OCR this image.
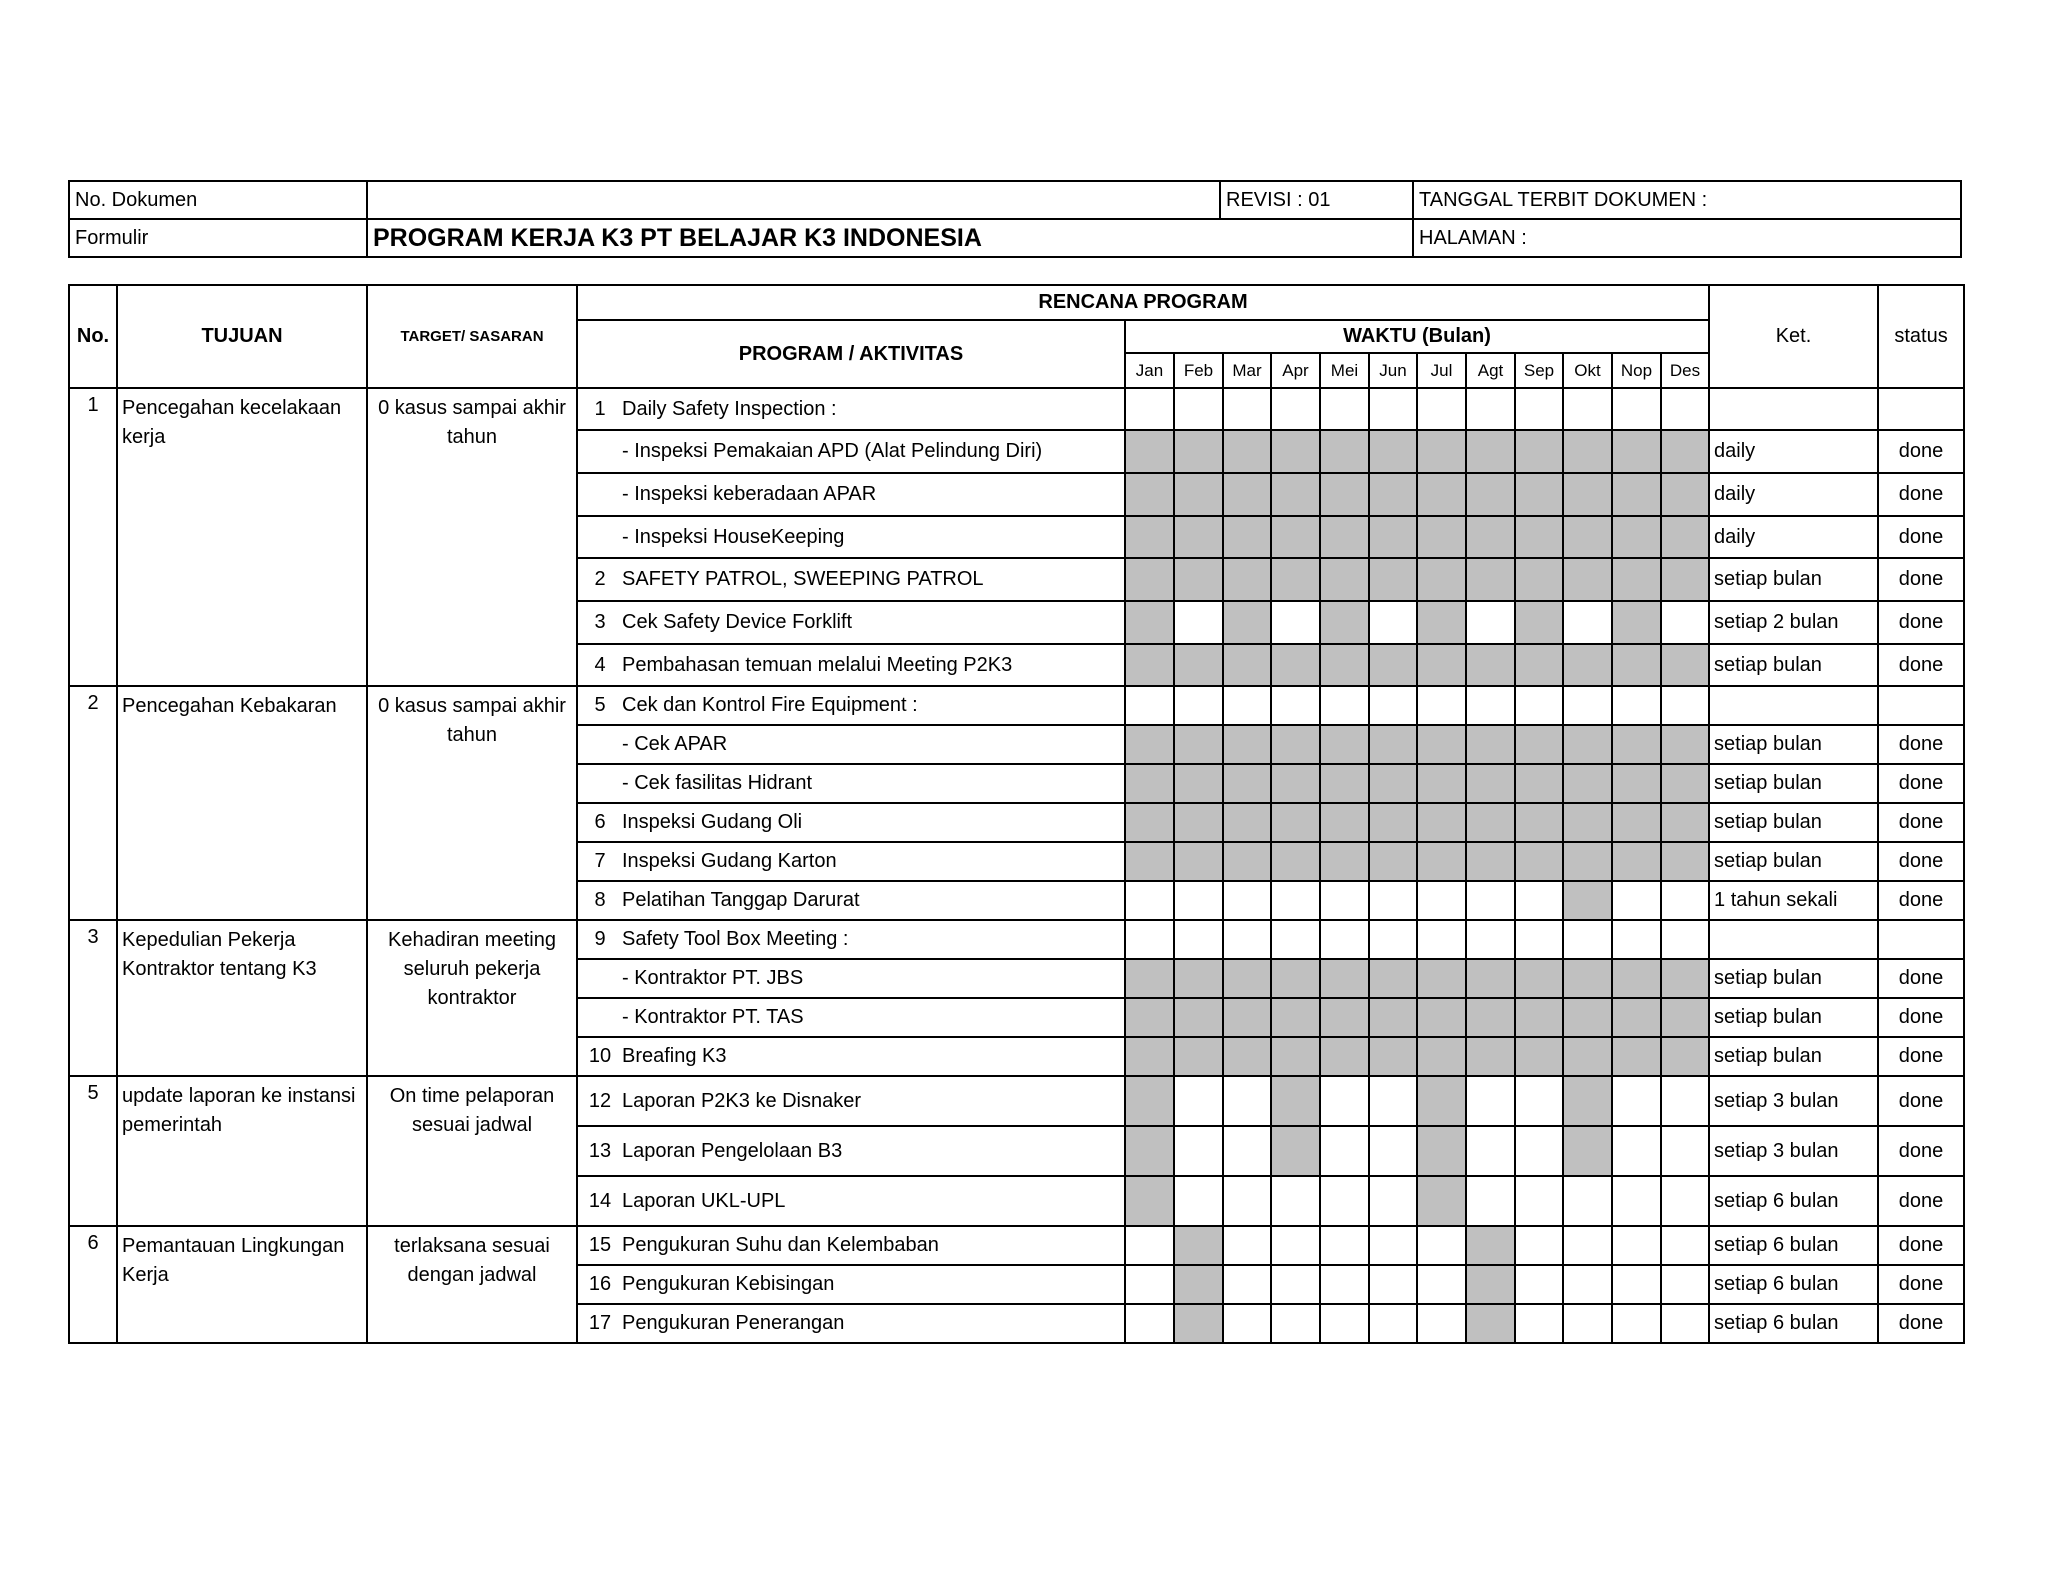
No. Dokumen		REVISI : 01	TANGGAL TERBIT DOKUMEN :
Formulir	PROGRAM KERJA K3 PT BELAJAR K3 INDONESIA		HALAMAN :
No.	TUJUAN	TARGET/ SASARAN	RENCANA PROGRAM													Ket.	status
			PROGRAM / AKTIVITAS	WAKTU (Bulan)													
				Jan	Feb	Mar	Apr	Mei	Jun	Jul	Agt	Sep	Okt	Nop	Des		
1	Pencegahan kecelakaan kerja	0 kasus sampai akhir tahun	1 Daily Safety Inspection :														
			- Inspeksi Pemakaian APD (Alat Pelindung Diri)													daily	done
			- Inspeksi keberadaan APAR													daily	done
			- Inspeksi HouseKeeping													daily	done
			2 SAFETY PATROL, SWEEPING PATROL													setiap bulan	done
			3 Cek Safety Device Forklift													setiap 2 bulan	done
			4 Pembahasan temuan melalui Meeting P2K3													setiap bulan	done
2	Pencegahan Kebakaran	0 kasus sampai akhir tahun	5 Cek dan Kontrol Fire Equipment :														
			- Cek APAR													setiap bulan	done
			- Cek fasilitas Hidrant													setiap bulan	done
			6 Inspeksi Gudang Oli													setiap bulan	done
			7 Inspeksi Gudang Karton													setiap bulan	done
			8 Pelatihan Tanggap Darurat													1 tahun sekali	done
3	Kepedulian Pekerja Kontraktor tentang K3	Kehadiran meeting seluruh pekerja kontraktor	9 Safety Tool Box Meeting :														
			- Kontraktor PT. JBS													setiap bulan	done
			- Kontraktor PT. TAS													setiap bulan	done
			10 Breafing K3													setiap bulan	done
5	update laporan ke instansi pemerintah	On time pelaporan sesuai jadwal	12 Laporan P2K3 ke Disnaker													setiap 3 bulan	done
			13 Laporan Pengelolaan B3													setiap 3 bulan	done
			14 Laporan UKL-UPL													setiap 6 bulan	done
6	Pemantauan Lingkungan Kerja	terlaksana sesuai dengan jadwal	15 Pengukuran Suhu dan Kelembaban													setiap 6 bulan	done
			16 Pengukuran Kebisingan													setiap 6 bulan	done
			17 Pengukuran Penerangan													setiap 6 bulan	done
